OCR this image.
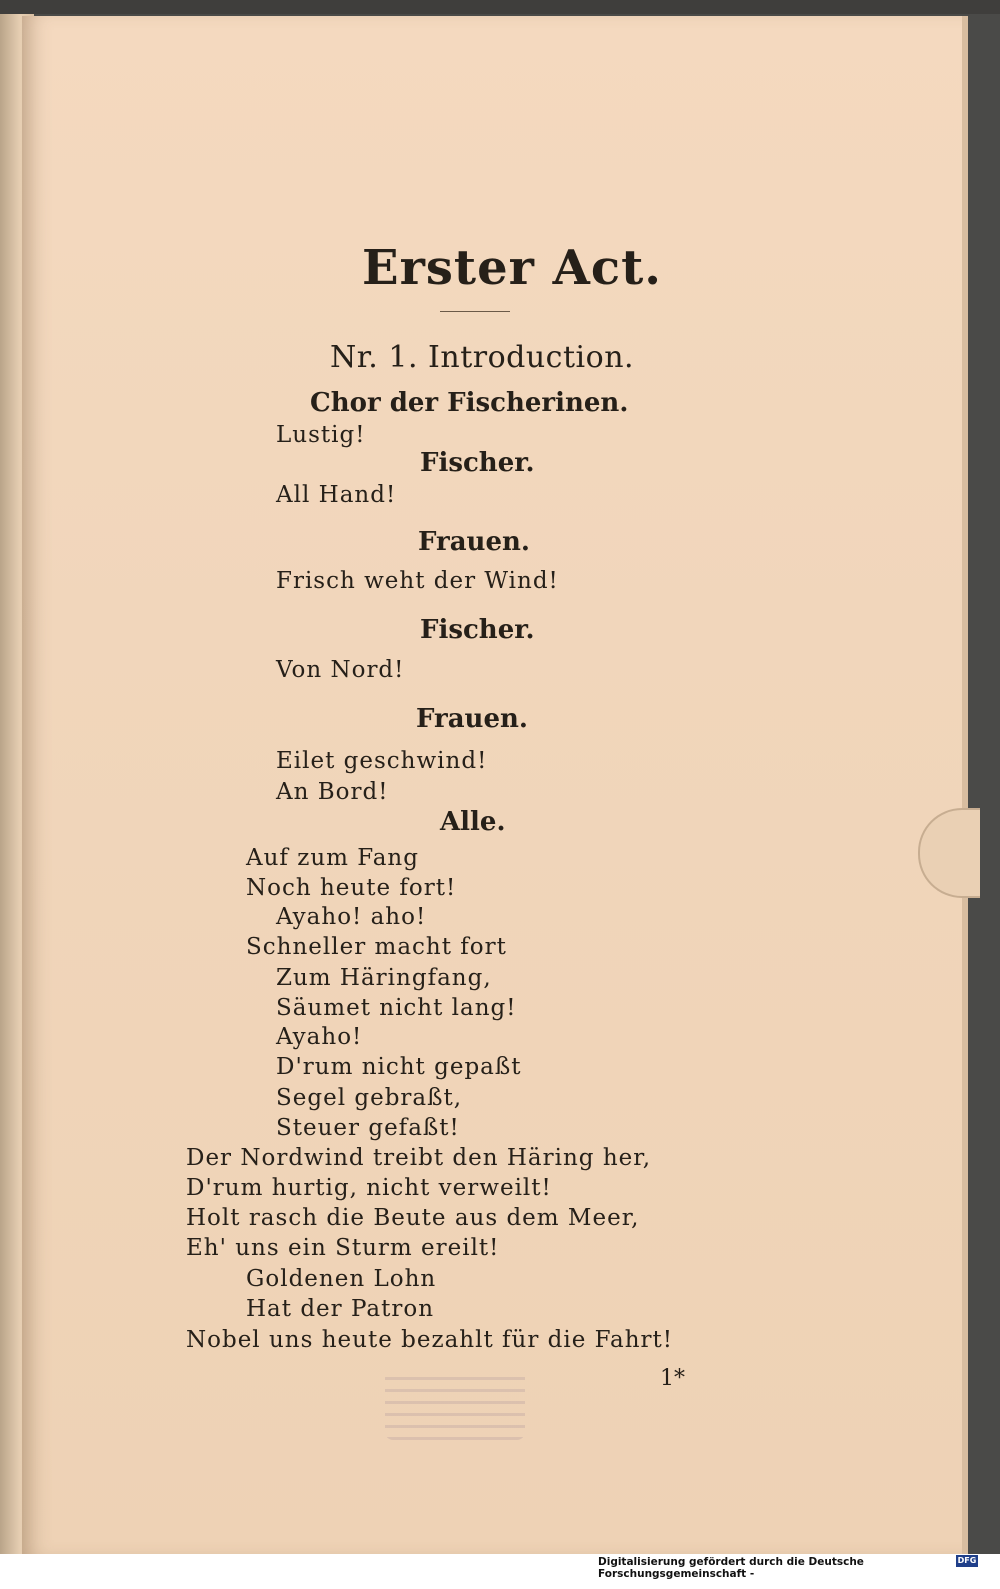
Erster Act.
Nr. 1. Introduction.
Chor der Fischerinen.
Lustig!
Fischer.
All Hand!
Frauen.
Frisch weht der Wind!
Fischer.
Von Nord!
Frauen.
Eilet geschwind!
An Bord!
Alle.
Auf zum Fang
Noch heute fort!
Ayaho! aho!
Schneller macht fort
Zum Häringfang,
Säumet nicht lang!
Ayaho!
D'rum nicht gepaßt
Segel gebraßt,
Steuer gefaßt!
Der Nordwind treibt den Häring her,
D'rum hurtig, nicht verweilt!
Holt rasch die Beute aus dem Meer,
Eh' uns ein Sturm ereilt!
Goldenen Lohn
Hat der Patron
Nobel uns heute bezahlt für die Fahrt!
1*
Digitalisierung gefördert durch die Deutsche Forschungsgemeinschaft -
DFG
